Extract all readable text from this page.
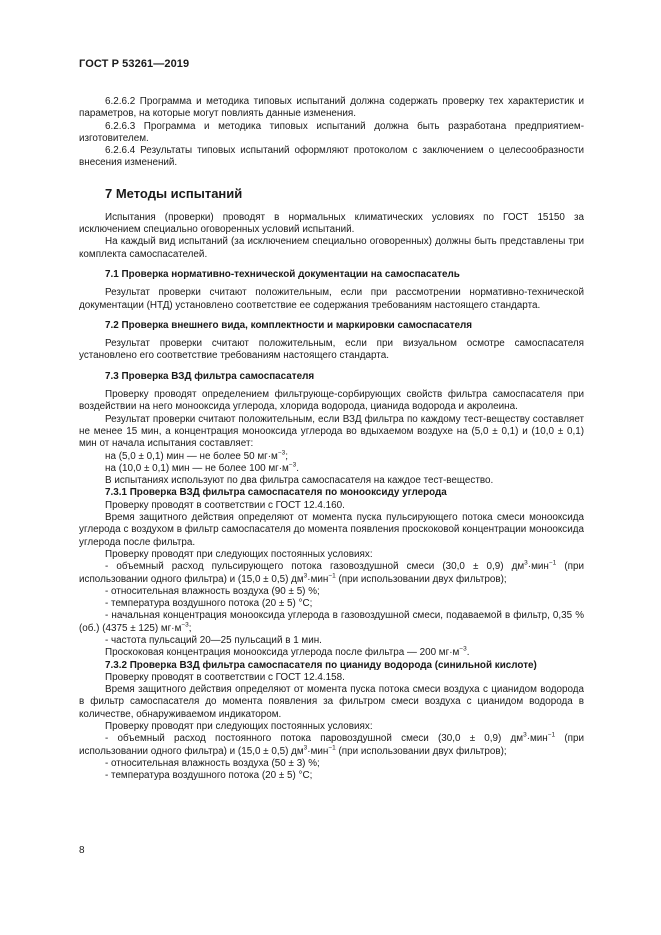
ГОСТ Р 53261—2019

6.2.6.2 Программа и методика типовых испытаний должна содержать проверку тех характеристик и параметров, на которые могут повлиять данные изменения.

6.2.6.3 Программа и методика типовых испытаний должна быть разработана предприятием-изготовителем.

6.2.6.4 Результаты типовых испытаний оформляют протоколом с заключением о целесообразности внесения изменений.

7 Методы испытаний

Испытания (проверки) проводят в нормальных климатических условиях по ГОСТ 15150 за исключением специально оговоренных условий испытаний.

На каждый вид испытаний (за исключением специально оговоренных) должны быть представлены три комплекта самоспасателей.

7.1 Проверка нормативно-технической документации на самоспасатель

Результат проверки считают положительным, если при рассмотрении нормативно-технической документации (НТД) установлено соответствие ее содержания требованиям настоящего стандарта.

7.2 Проверка внешнего вида, комплектности и маркировки самоспасателя

Результат проверки считают положительным, если при визуальном осмотре самоспасателя установлено его соответствие требованиям настоящего стандарта.

7.3 Проверка ВЗД фильтра самоспасателя

Проверку проводят определением фильтрующе-сорбирующих свойств фильтра самоспасателя при воздействии на него монооксида углерода, хлорида водорода, цианида водорода и акролеина.

Результат проверки считают положительным, если ВЗД фильтра по каждому тест-веществу составляет не менее 15 мин, а концентрация монооксида углерода во вдыхаемом воздухе на (5,0 ± 0,1) и (10,0 ± 0,1) мин от начала испытания составляет:

на (5,0 ± 0,1) мин — не более 50 $мг\cdot м^{-3}$;

на (10,0 ± 0,1) мин — не более 100 $мг\cdot м^{-3}$.

В испытаниях используют по два фильтра самоспасателя на каждое тест-вещество.

7.3.1 Проверка ВЗД фильтра самоспасателя по монооксиду углерода

Проверку проводят в соответствии с ГОСТ 12.4.160.

Время защитного действия определяют от момента пуска пульсирующего потока смеси монооксида углерода с воздухом в фильтр самоспасателя до момента появления проскоковой концентрации монооксида углерода после фильтра.

Проверку проводят при следующих постоянных условиях:

- объемный расход пульсирующего потока газовоздушной смеси (30,0 ± 0,9) $дм^3\cdot мин^{-1}$ (при использовании одного фильтра) и (15,0 ± 0,5) $дм^3\cdot мин^{-1}$ (при использовании двух фильтров);

- относительная влажность воздуха (90 ± 5) %;

- температура воздушного потока (20 ± 5) °С;

- начальная концентрация монооксида углерода в газовоздушной смеси, подаваемой в фильтр, 0,35 % (об.) (4375 ± 125) $мг\cdot м^{-3}$;

- частота пульсаций 20—25 пульсаций в 1 мин.

Проскоковая концентрация монооксида углерода после фильтра — 200 $мг\cdot м^{-3}$.

7.3.2 Проверка ВЗД фильтра самоспасателя по цианиду водорода (синильной кислоте)

Проверку проводят в соответствии с ГОСТ 12.4.158.

Время защитного действия определяют от момента пуска потока смеси воздуха с цианидом водорода в фильтр самоспасателя до момента появления за фильтром смеси воздуха с цианидом водорода в количестве, обнаруживаемом индикатором.

Проверку проводят при следующих постоянных условиях:

- объемный расход постоянного потока паровоздушной смеси (30,0 ± 0,9) $дм^3\cdot мин^{-1}$ (при использовании одного фильтра) и (15,0 ± 0,5) $дм^3\cdot мин^{-1}$ (при использовании двух фильтров);

- относительная влажность воздуха (50 ± 3) %;

- температура воздушного потока (20 ± 5) °С;

8
